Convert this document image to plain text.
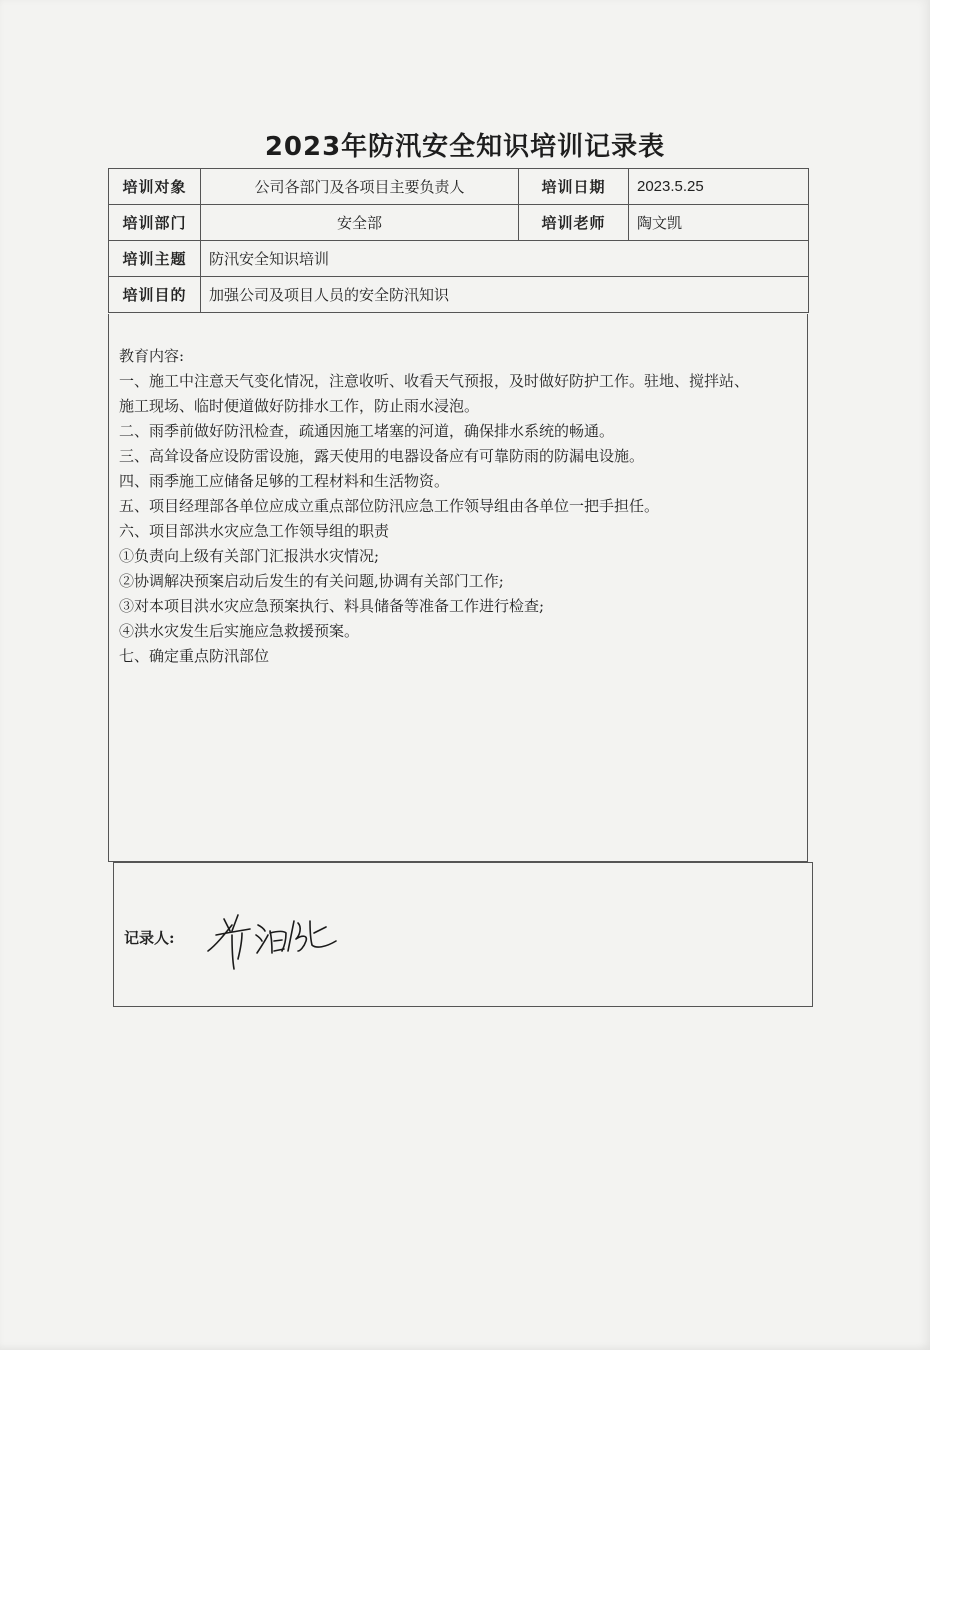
2023年防汛安全知识培训记录表
培训对象	公司各部门及各项目主要负责人	培训日期	2023.5.25
培训部门	安全部	培训老师	陶文凯
培训主题	防汛安全知识培训		
培训目的	加强公司及项目人员的安全防汛知识		
教育内容:
一、施工中注意天气变化情况，注意收听、收看天气预报，及时做好防护工作。驻地、搅拌站、
施工现场、临时便道做好防排水工作，防止雨水浸泡。
二、雨季前做好防汛检查，疏通因施工堵塞的河道，确保排水系统的畅通。
三、高耸设备应设防雷设施，露天使用的电器设备应有可靠防雨的防漏电设施。
四、雨季施工应储备足够的工程材料和生活物资。
五、项目经理部各单位应成立重点部位防汛应急工作领导组由各单位一把手担任。
六、项目部洪水灾应急工作领导组的职责
①负责向上级有关部门汇报洪水灾情况;
②协调解决预案启动后发生的有关问题,协调有关部门工作;
③对本项目洪水灾应急预案执行、料具储备等准备工作进行检查;
④洪水灾发生后实施应急救援预案。
七、确定重点防汛部位
记录人:
